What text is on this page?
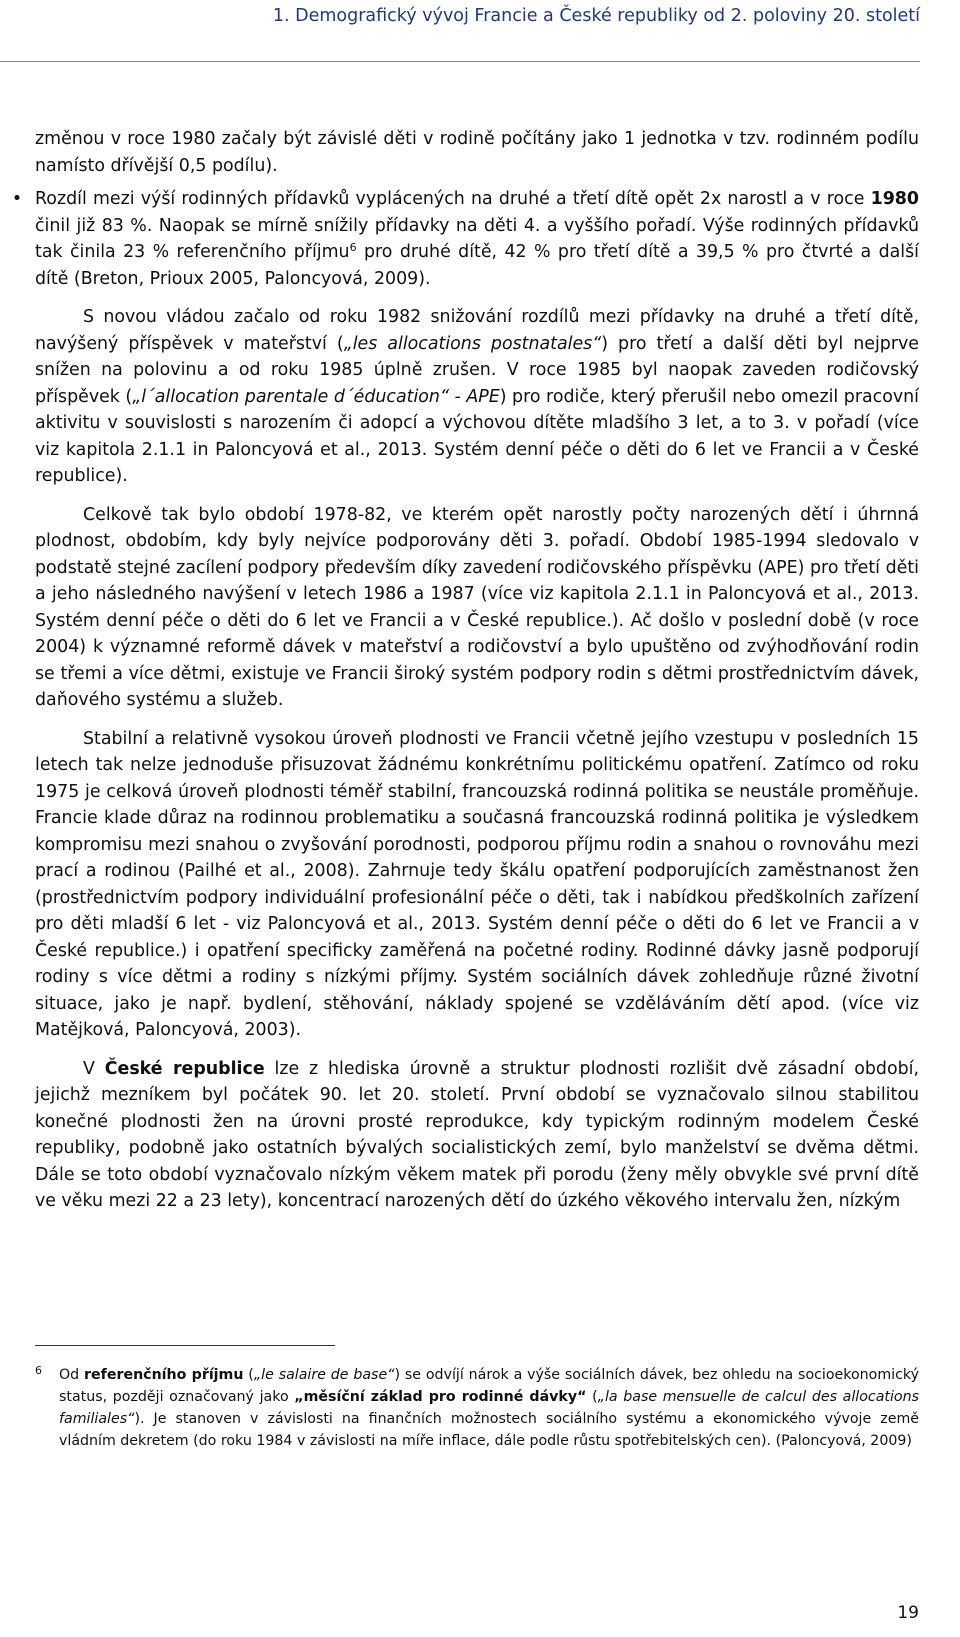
1. Demografický vývoj Francie a České republiky od 2. poloviny 20. století

změnou v roce 1980 začaly být závislé děti v rodině počítány jako 1 jednotka v tzv. rodinném podílu namísto dřívější 0,5 podílu).

• Rozdíl mezi výší rodinných přídavků vyplácených na druhé a třetí dítě opět 2x narostl a v roce 1980 činil již 83 %. Naopak se mírně snížily přídavky na děti 4. a vyššího pořadí. Výše rodinných přídavků tak činila 23 % referenčního příjmu$^6$ pro druhé dítě, 42 % pro třetí dítě a 39,5 % pro čtvrté a další dítě (Breton, Prioux 2005, Paloncyová, 2009).

S novou vládou začalo od roku 1982 snižování rozdílů mezi přídavky na druhé a třetí dítě, navýšený příspěvek v mateřství („les allocations postnatales“) pro třetí a další děti byl nejprve snížen na polovinu a od roku 1985 úplně zrušen. V roce 1985 byl naopak zaveden rodičovský příspěvek („l´allocation parentale d´éducation“ - APE) pro rodiče, který přerušil nebo omezil pracovní aktivitu v souvislosti s narozením či adopcí a výchovou dítěte mladšího 3 let, a to 3. v pořadí (více viz kapitola 2.1.1 in Paloncyová et al., 2013. Systém denní péče o děti do 6 let ve Francii a v České republice).

Celkově tak bylo období 1978-82, ve kterém opět narostly počty narozených dětí i úhrnná plodnost, obdobím, kdy byly nejvíce podporovány děti 3. pořadí. Období 1985-1994 sledovalo v podstatě stejné zacílení podpory především díky zavedení rodičovského příspěvku (APE) pro třetí děti a jeho následného navýšení v letech 1986 a 1987 (více viz kapitola 2.1.1 in Paloncyová et al., 2013. Systém denní péče o děti do 6 let ve Francii a v České republice.). Ač došlo v poslední době (v roce 2004) k významné reformě dávek v mateřství a rodičovství a bylo upuštěno od zvýhodňování rodin se třemi a více dětmi, existuje ve Francii široký systém podpory rodin s dětmi prostřednictvím dávek, daňového systému a služeb.

Stabilní a relativně vysokou úroveň plodnosti ve Francii včetně jejího vzestupu v posledních 15 letech tak nelze jednoduše přisuzovat žádnému konkrétnímu politickému opatření. Zatímco od roku 1975 je celková úroveň plodnosti téměř stabilní, francouzská rodinná politika se neustále proměňuje. Francie klade důraz na rodinnou problematiku a současná francouzská rodinná politika je výsledkem kompromisu mezi snahou o zvyšování porodnosti, podporou příjmu rodin a snahou o rovnováhu mezi prací a rodinou (Pailhé et al., 2008). Zahrnuje tedy škálu opatření podporujících zaměstnanost žen (prostřednictvím podpory individuální profesionální péče o děti, tak i nabídkou předškolních zařízení pro děti mladší 6 let - viz Paloncyová et al., 2013. Systém denní péče o děti do 6 let ve Francii a v České republice.) i opatření specificky zaměřená na početné rodiny. Rodinné dávky jasně podporují rodiny s více dětmi a rodiny s nízkými příjmy. Systém sociálních dávek zohledňuje různé životní situace, jako je např. bydlení, stěhování, náklady spojené se vzděláváním dětí apod. (více viz Matějková, Paloncyová, 2003).

V České republice lze z hlediska úrovně a struktur plodnosti rozlišit dvě zásadní období, jejichž mezníkem byl počátek 90. let 20. století. První období se vyznačovalo silnou stabilitou konečné plodnosti žen na úrovni prosté reprodukce, kdy typickým rodinným modelem České republiky, podobně jako ostatních bývalých socialistických zemí, bylo manželství se dvěma dětmi. Dále se toto období vyznačovalo nízkým věkem matek při porodu (ženy měly obvykle své první dítě ve věku mezi 22 a 23 lety), koncentrací narozených dětí do úzkého věkového intervalu žen, nízkým

6 Od referenčního příjmu („le salaire de base“) se odvíjí nárok a výše sociálních dávek, bez ohledu na socioekonomický status, později označovaný jako „měsíční základ pro rodinné dávky“ („la base mensuelle de calcul des allocations familiales“). Je stanoven v závislosti na finančních možnostech sociálního systému a ekonomického vývoje země vládním dekretem (do roku 1984 v závislosti na míře inflace, dále podle růstu spotřebitelských cen). (Paloncyová, 2009)
19
